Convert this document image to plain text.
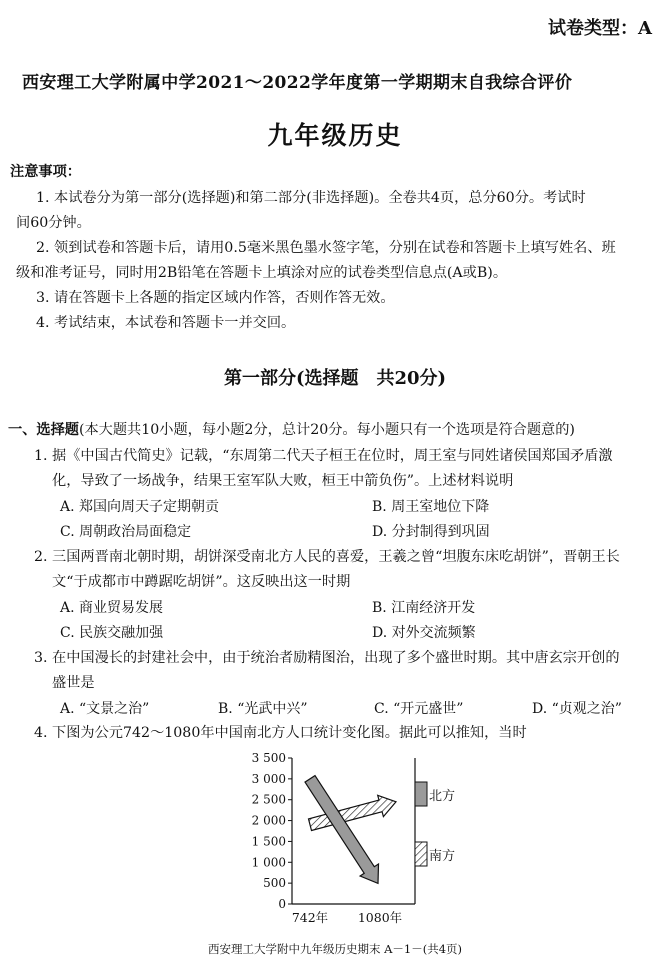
试卷类型：A
西安理工大学附属中学2021～2022学年度第一学期期末自我综合评价
九年级历史
注意事项：
1. 本试卷分为第一部分(选择题)和第二部分(非选择题)。全卷共4页，总分60分。考试时
间60分钟。
2. 领到试卷和答题卡后，请用0.5毫米黑色墨水签字笔，分别在试卷和答题卡上填写姓名、班
级和准考证号，同时用2B铅笔在答题卡上填涂对应的试卷类型信息点(A或B)。
3. 请在答题卡上各题的指定区域内作答，否则作答无效。
4. 考试结束，本试卷和答题卡一并交回。
第一部分(选择题　共20分)
一、选择题(本大题共10小题，每小题2分，总计20分。每小题只有一个选项是符合题意的)
1. 据《中国古代简史》记载，“东周第二代天子桓王在位时，周王室与同姓诸侯国郑国矛盾激
化，导致了一场战争，结果王室军队大败，桓王中箭负伤”。上述材料说明
A. 郑国向周天子定期朝贡	B. 周王室地位下降
C. 周朝政治局面稳定	D. 分封制得到巩固
2. 三国两晋南北朝时期，胡饼深受南北方人民的喜爱，王羲之曾“坦腹东床吃胡饼”，晋朝王长
文“于成都市中蹲踞吃胡饼”。这反映出这一时期
A. 商业贸易发展	B. 江南经济开发
C. 民族交融加强	D. 对外交流频繁
3. 在中国漫长的封建社会中，由于统治者励精图治，出现了多个盛世时期。其中唐玄宗开创的
盛世是
A. “文景之治”	B. “光武中兴”	C. “开元盛世”	D. “贞观之治”
4. 下图为公元742～1080年中国南北方人口统计变化图。据此可以推知，当时
3 500
3 000
2 500
2 000
1 500
1 000
500
0
北方
南方
742年 1080年
西安理工大学附中九年级历史期末 A－1－(共4页)
